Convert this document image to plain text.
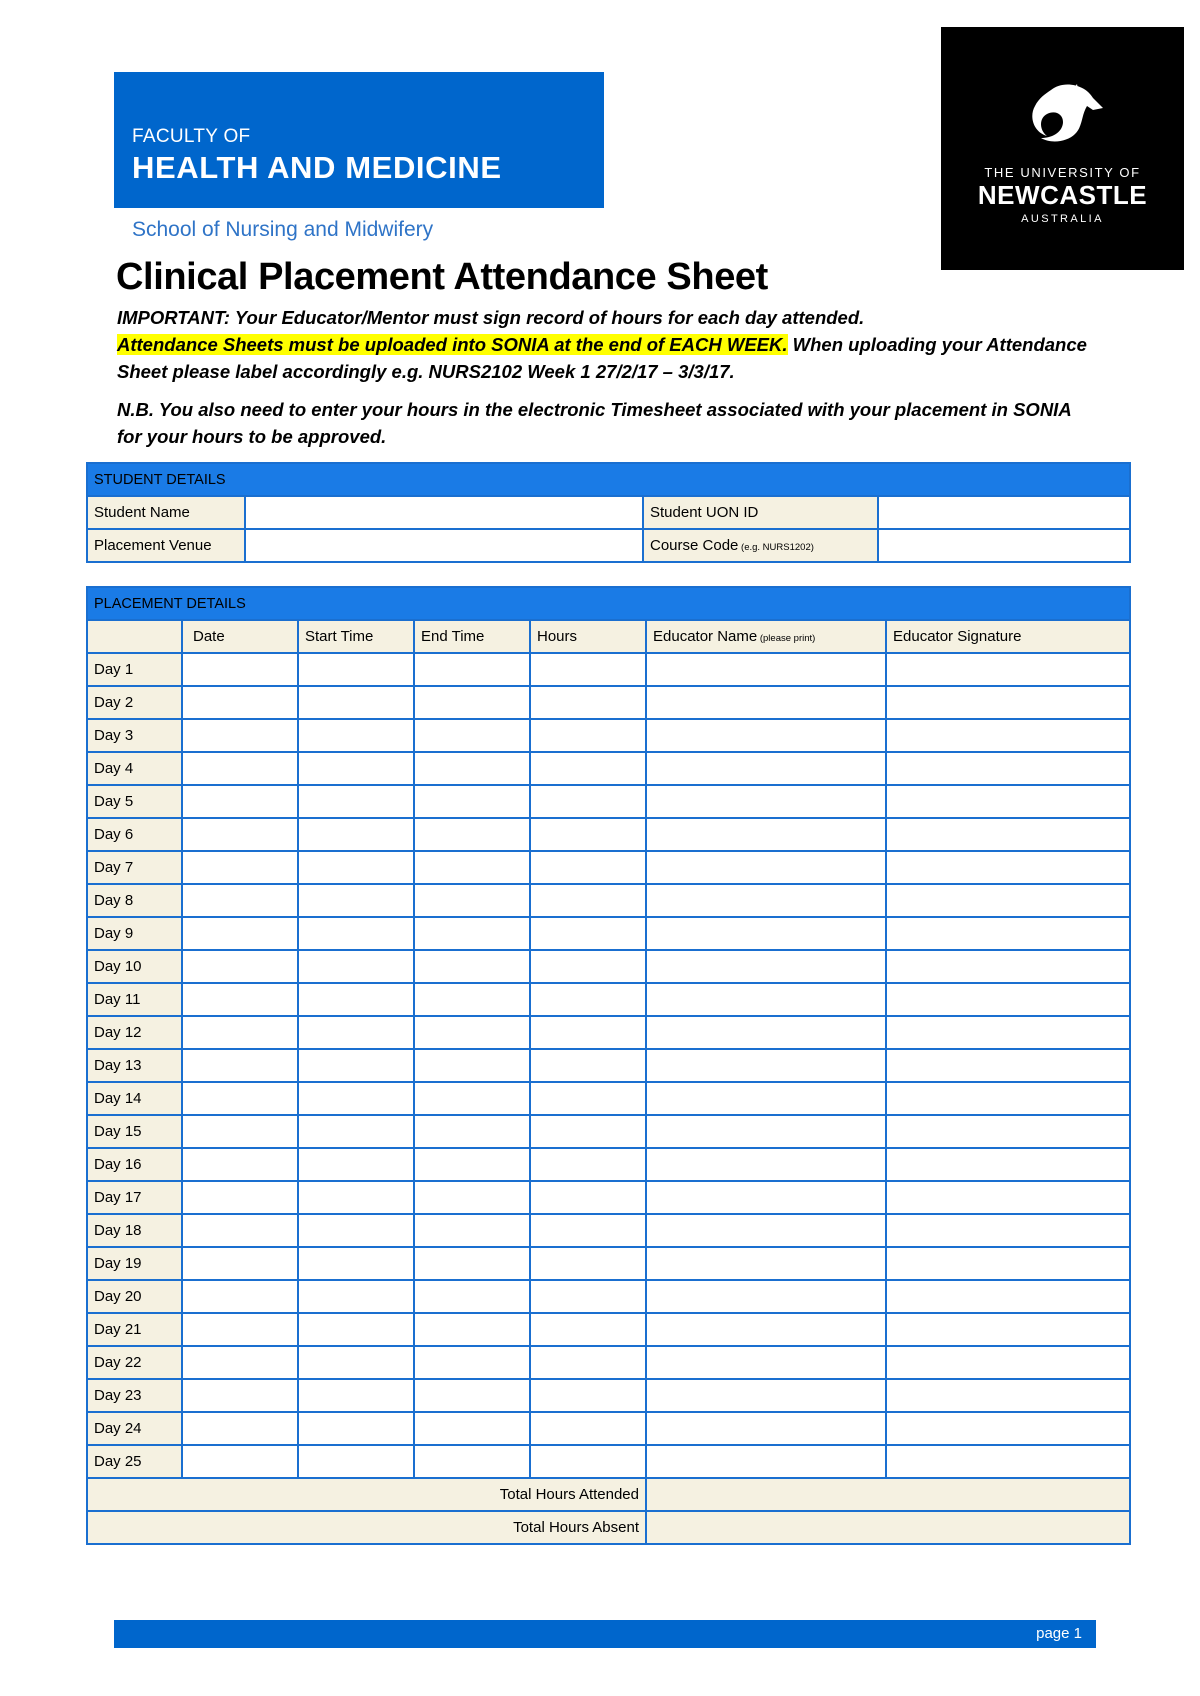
FACULTY OF
HEALTH AND MEDICINE
School of Nursing and Midwifery
THE UNIVERSITY OF
NEWCASTLE
AUSTRALIA
Clinical Placement Attendance Sheet

IMPORTANT: Your Educator/Mentor must sign record of hours for each day attended.
Attendance Sheets must be uploaded into SONIA at the end of EACH WEEK. When uploading your Attendance Sheet please label accordingly e.g. NURS2102 Week 1 27/2/17 – 3/3/17.

N.B. You also need to enter your hours in the electronic Timesheet associated with your placement in SONIA for your hours to be approved.

STUDENT DETAILS			
Student Name		Student UON ID	
Placement Venue		Course Code (e.g. NURS1202)	
PLACEMENT DETAILS						
	Date	Start Time	End Time	Hours	Educator Name (please print)	Educator Signature
Day 1						
Day 2						
Day 3						
Day 4						
Day 5						
Day 6						
Day 7						
Day 8						
Day 9						
Day 10						
Day 11						
Day 12						
Day 13						
Day 14						
Day 15						
Day 16						
Day 17						
Day 18						
Day 19						
Day 20						
Day 21						
Day 22						
Day 23						
Day 24						
Day 25						
Total Hours Attended						
Total Hours Absent						
page 1
